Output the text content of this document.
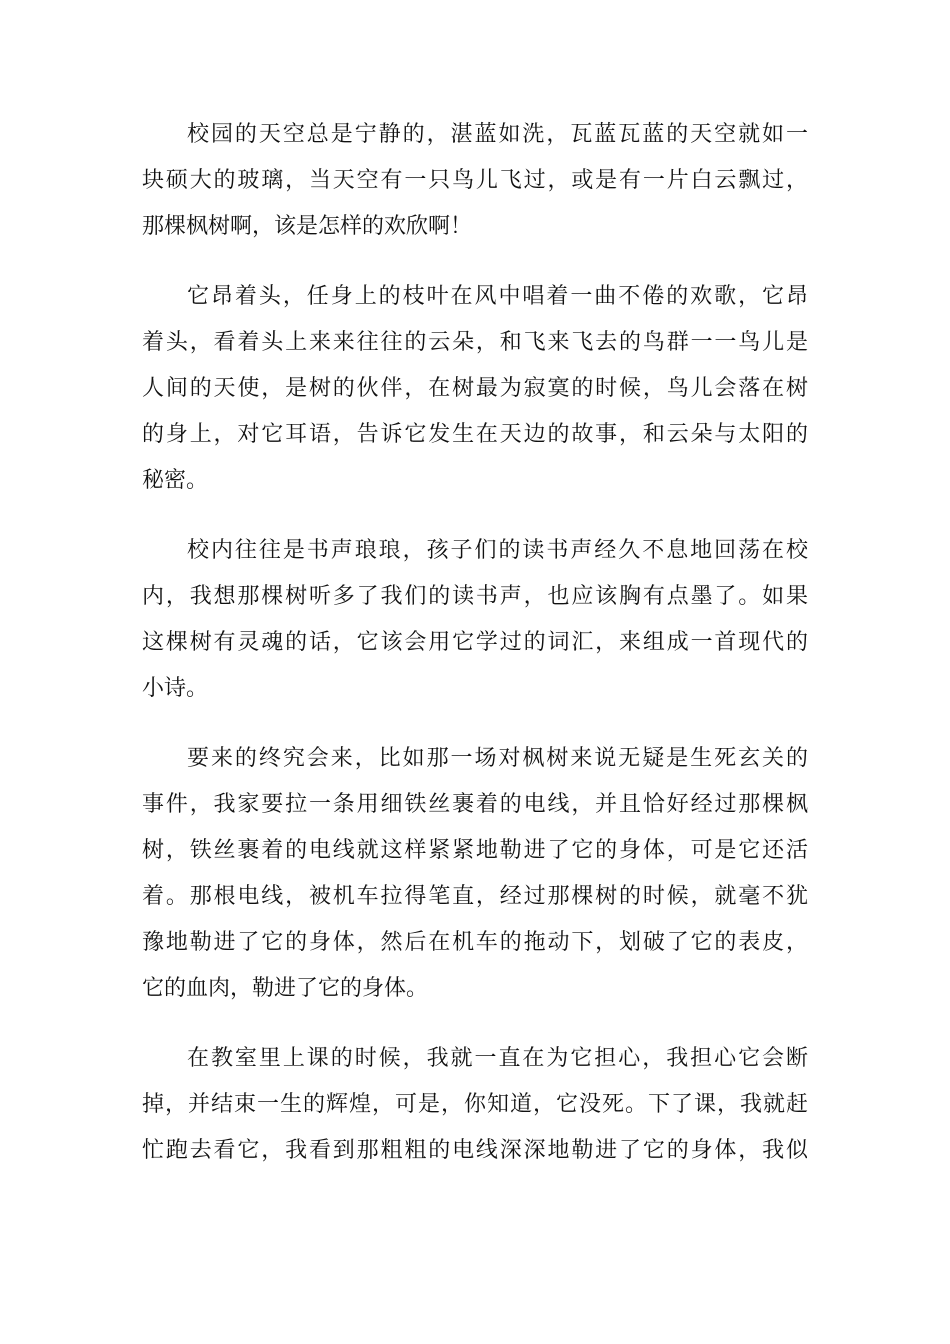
校园的天空总是宁静的，湛蓝如洗，瓦蓝瓦蓝的天空就如一
块硕大的玻璃，当天空有一只鸟儿飞过，或是有一片白云飘过，
那棵枫树啊，该是怎样的欢欣啊！
它昂着头，任身上的枝叶在风中唱着一曲不倦的欢歌，它昂
着头，看着头上来来往往的云朵，和飞来飞去的鸟群一一鸟儿是
人间的天使，是树的伙伴，在树最为寂寞的时候，鸟儿会落在树
的身上，对它耳语，告诉它发生在天边的故事，和云朵与太阳的
秘密。
校内往往是书声琅琅，孩子们的读书声经久不息地回荡在校
内，我想那棵树听多了我们的读书声，也应该胸有点墨了。如果
这棵树有灵魂的话，它该会用它学过的词汇，来组成一首现代的
小诗。
要来的终究会来，比如那一场对枫树来说无疑是生死玄关的
事件，我家要拉一条用细铁丝裹着的电线，并且恰好经过那棵枫
树，铁丝裹着的电线就这样紧紧地勒进了它的身体，可是它还活
着。那根电线，被机车拉得笔直，经过那棵树的时候，就毫不犹
豫地勒进了它的身体，然后在机车的拖动下，划破了它的表皮，
它的血肉，勒进了它的身体。
在教室里上课的时候，我就一直在为它担心，我担心它会断
掉，并结束一生的辉煌，可是，你知道，它没死。下了课，我就赶
忙跑去看它，我看到那粗粗的电线深深地勒进了它的身体，我似
